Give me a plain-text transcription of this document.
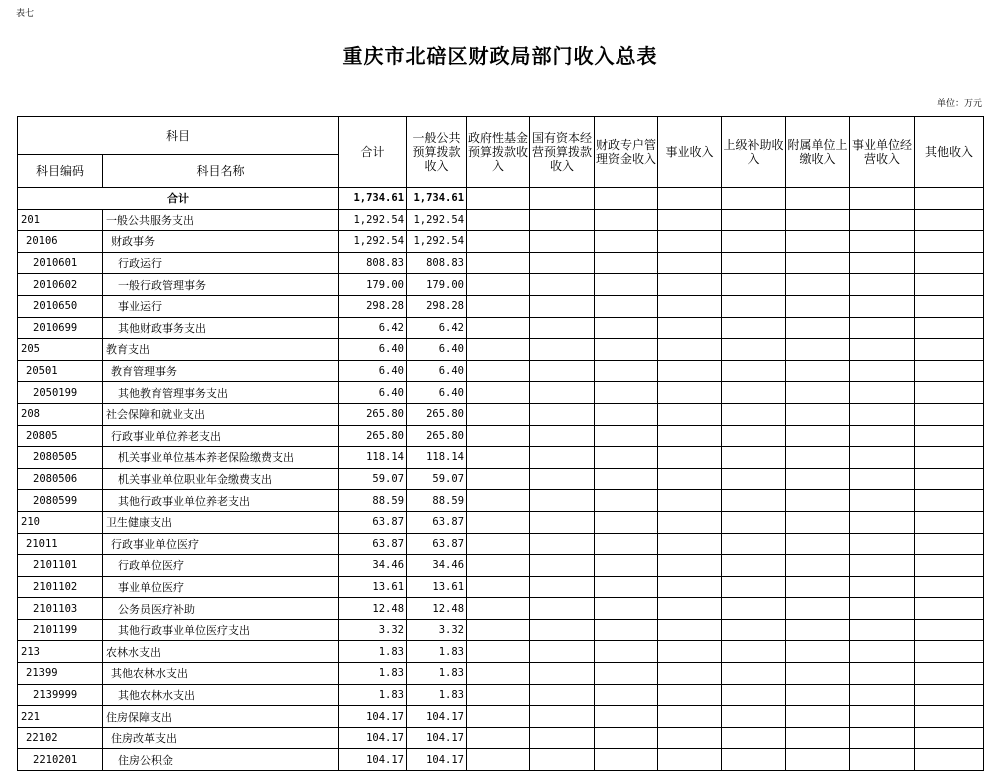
表七
重庆市北碚区财政局部门收入总表
单位：万元
科目		合计	一般公共预算拨款收入	政府性基金预算拨款收入	国有资本经营预算拨款收入	财政专户管理资金收入	事业收入	上级补助收入	附属单位上缴收入	事业单位经营收入	其他收入
科目编码	科目名称										
合计		1,734.61	1,734.61								
201	一般公共服务支出	1,292.54	1,292.54								
20106	财政事务	1,292.54	1,292.54								
2010601	行政运行	808.83	808.83								
2010602	一般行政管理事务	179.00	179.00								
2010650	事业运行	298.28	298.28								
2010699	其他财政事务支出	6.42	6.42								
205	教育支出	6.40	6.40								
20501	教育管理事务	6.40	6.40								
2050199	其他教育管理事务支出	6.40	6.40								
208	社会保障和就业支出	265.80	265.80								
20805	行政事业单位养老支出	265.80	265.80								
2080505	机关事业单位基本养老保险缴费支出	118.14	118.14								
2080506	机关事业单位职业年金缴费支出	59.07	59.07								
2080599	其他行政事业单位养老支出	88.59	88.59								
210	卫生健康支出	63.87	63.87								
21011	行政事业单位医疗	63.87	63.87								
2101101	行政单位医疗	34.46	34.46								
2101102	事业单位医疗	13.61	13.61								
2101103	公务员医疗补助	12.48	12.48								
2101199	其他行政事业单位医疗支出	3.32	3.32								
213	农林水支出	1.83	1.83								
21399	其他农林水支出	1.83	1.83								
2139999	其他农林水支出	1.83	1.83								
221	住房保障支出	104.17	104.17								
22102	住房改革支出	104.17	104.17								
2210201	住房公积金	104.17	104.17								
